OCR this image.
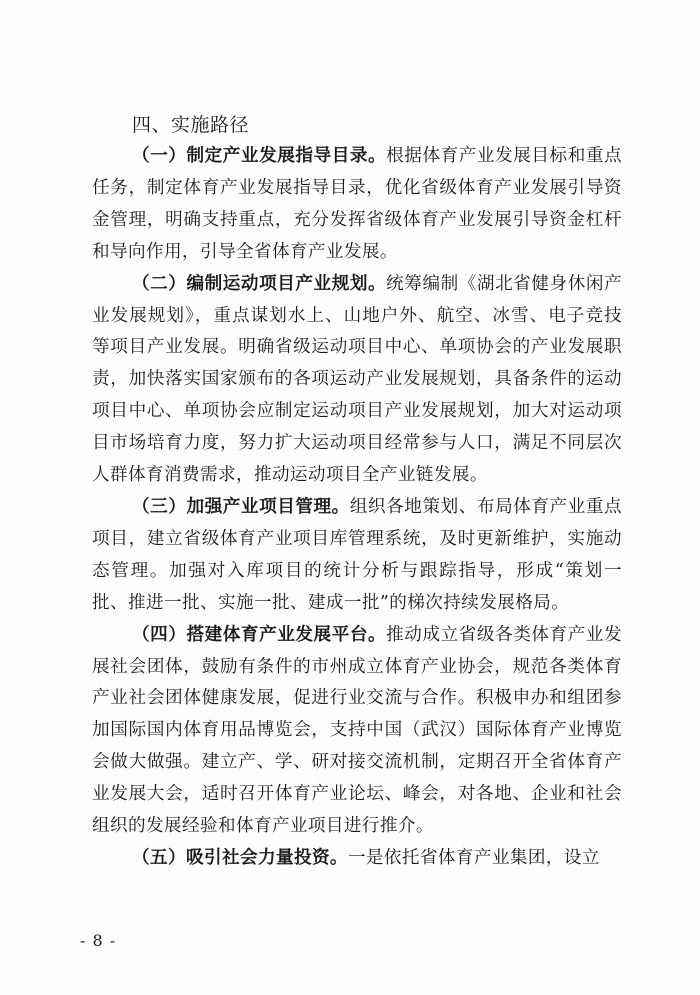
四、实施路径

（一）制定产业发展指导目录。根据体育产业发展目标和重点任务，制定体育产业发展指导目录，优化省级体育产业发展引导资金管理，明确支持重点，充分发挥省级体育产业发展引导资金杠杆和导向作用，引导全省体育产业发展。

（二）编制运动项目产业规划。统筹编制《湖北省健身休闲产业发展规划》，重点谋划水上、山地户外、航空、冰雪、电子竞技等项目产业发展。明确省级运动项目中心、单项协会的产业发展职责，加快落实国家颁布的各项运动产业发展规划，具备条件的运动项目中心、单项协会应制定运动项目产业发展规划，加大对运动项目市场培育力度，努力扩大运动项目经常参与人口，满足不同层次人群体育消费需求，推动运动项目全产业链发展。

（三）加强产业项目管理。组织各地策划、布局体育产业重点项目，建立省级体育产业项目库管理系统，及时更新维护，实施动态管理。加强对入库项目的统计分析与跟踪指导，形成“策划一批、推进一批、实施一批、建成一批”的梯次持续发展格局。

（四）搭建体育产业发展平台。推动成立省级各类体育产业发展社会团体，鼓励有条件的市州成立体育产业协会，规范各类体育产业社会团体健康发展，促进行业交流与合作。积极申办和组团参加国际国内体育用品博览会，支持中国（武汉）国际体育产业博览会做大做强。建立产、学、研对接交流机制，定期召开全省体育产业发展大会，适时召开体育产业论坛、峰会，对各地、企业和社会组织的发展经验和体育产业项目进行推介。

（五）吸引社会力量投资。一是依托省体育产业集团，设立

- 8 -
